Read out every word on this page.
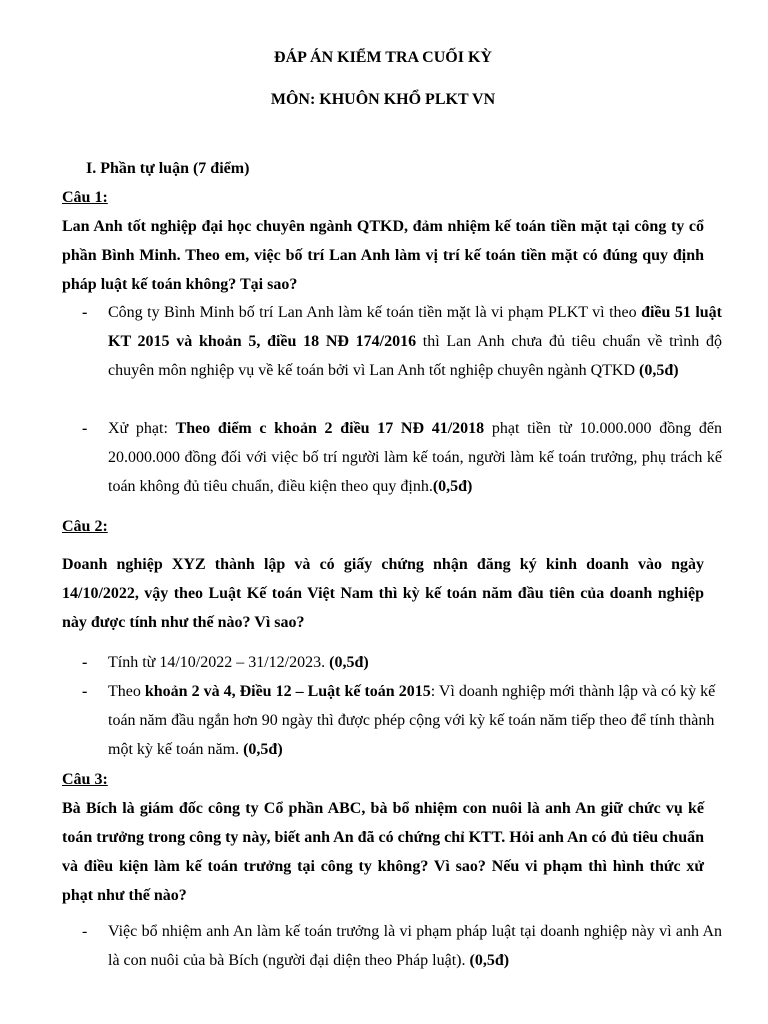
ĐÁP ÁN KIỂM TRA CUỐI KỲ
MÔN: KHUÔN KHỔ PLKT VN
I. Phần tự luận (7 điểm)
Câu 1:
Lan Anh tốt nghiệp đại học chuyên ngành QTKD, đảm nhiệm kế toán tiền mặt tại công ty cổ phần Bình Minh. Theo em, việc bố trí Lan Anh làm vị trí kế toán tiền mặt có đúng quy định pháp luật kế toán không? Tại sao?
- Công ty Bình Minh bố trí Lan Anh làm kế toán tiền mặt là vi phạm PLKT vì theo điều 51 luật KT 2015 và khoản 5, điều 18 NĐ 174/2016 thì Lan Anh chưa đủ tiêu chuẩn về trình độ chuyên môn nghiệp vụ về kế toán bởi vì Lan Anh tốt nghiệp chuyên ngành QTKD (0,5đ)
- Xử phạt: Theo điểm c khoản 2 điều 17 NĐ 41/2018 phạt tiền từ 10.000.000 đồng đến 20.000.000 đồng đối với việc bố trí người làm kế toán, người làm kế toán trưởng, phụ trách kế toán không đủ tiêu chuẩn, điều kiện theo quy định.(0,5đ)
Câu 2:
Doanh nghiệp XYZ thành lập và có giấy chứng nhận đăng ký kinh doanh vào ngày 14/10/2022, vậy theo Luật Kế toán Việt Nam thì kỳ kế toán năm đầu tiên của doanh nghiệp này được tính như thế nào? Vì sao?
- Tính từ 14/10/2022 – 31/12/2023. (0,5đ)
- Theo khoản 2 và 4, Điều 12 – Luật kế toán 2015: Vì doanh nghiệp mới thành lập và có kỳ kế toán năm đầu ngắn hơn 90 ngày thì được phép cộng với kỳ kế toán năm tiếp theo để tính thành một kỳ kế toán năm. (0,5đ)
Câu 3:
Bà Bích là giám đốc công ty Cổ phần ABC, bà bổ nhiệm con nuôi là anh An giữ chức vụ kế toán trưởng trong công ty này, biết anh An đã có chứng chỉ KTT. Hỏi anh An có đủ tiêu chuẩn và điều kiện làm kế toán trưởng tại công ty không? Vì sao? Nếu vi phạm thì hình thức xử phạt như thế nào?
- Việc bổ nhiệm anh An làm kế toán trưởng là vi phạm pháp luật tại doanh nghiệp này vì anh An là con nuôi của bà Bích (người đại diện theo Pháp luật). (0,5đ)
